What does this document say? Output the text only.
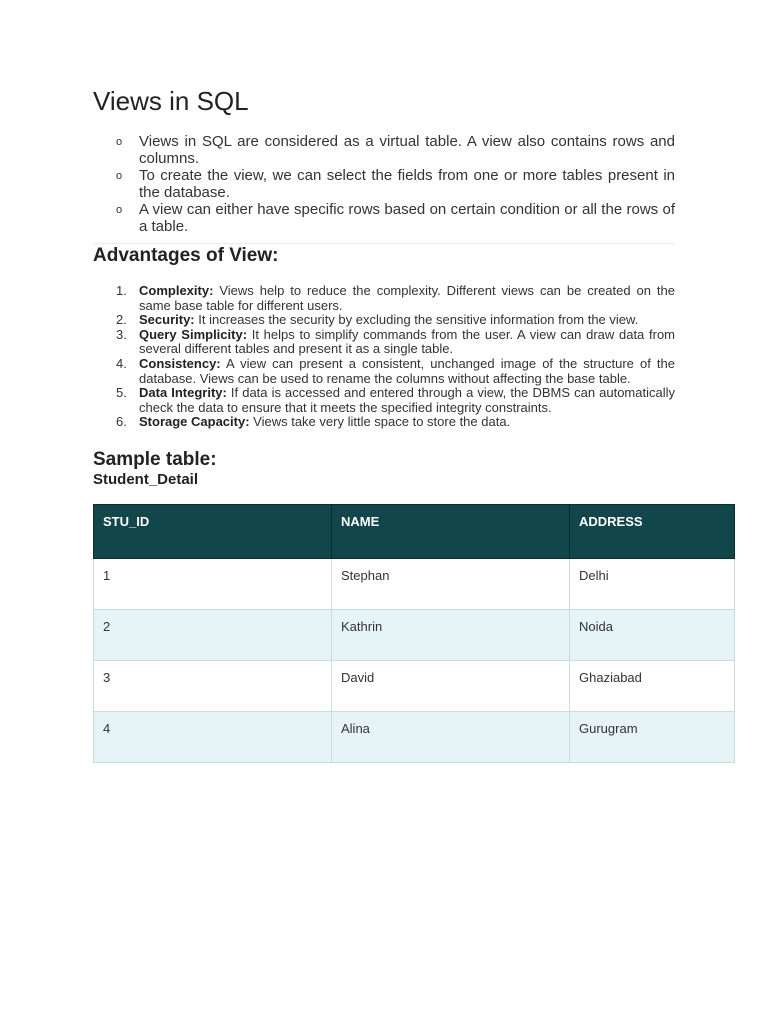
Views in SQL
o Views in SQL are considered as a virtual table. A view also contains rows and columns.
o To create the view, we can select the fields from one or more tables present in the database.
o A view can either have specific rows based on certain condition or all the rows of a table.
Advantages of View:
1. Complexity: Views help to reduce the complexity. Different views can be created on the same base table for different users.
2. Security: It increases the security by excluding the sensitive information from the view.
3. Query Simplicity: It helps to simplify commands from the user. A view can draw data from several different tables and present it as a single table.
4. Consistency: A view can present a consistent, unchanged image of the structure of the database. Views can be used to rename the columns without affecting the base table.
5. Data Integrity: If data is accessed and entered through a view, the DBMS can automatically check the data to ensure that it meets the specified integrity constraints.
6. Storage Capacity: Views take very little space to store the data.
Sample table:
Student_Detail
STU_ID	NAME	ADDRESS
1	Stephan	Delhi
2	Kathrin	Noida
3	David	Ghaziabad
4	Alina	Gurugram
